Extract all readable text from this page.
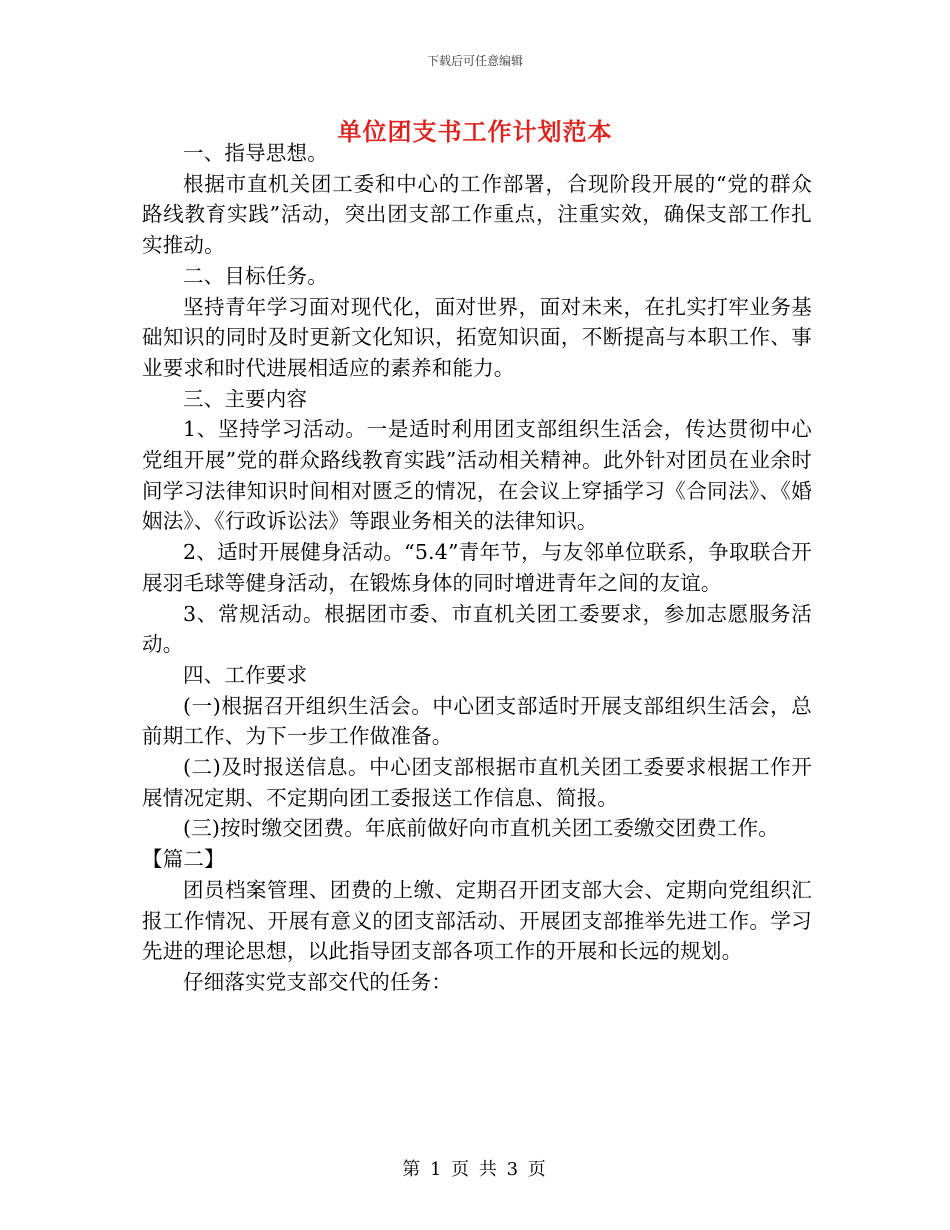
下载后可任意编辑
单位团支书工作计划范本

一、指导思想。

根据市直机关团工委和中心的工作部署，合现阶段开展的“党的群众路线教育实践”活动，突出团支部工作重点，注重实效，确保支部工作扎实推动。

二、目标任务。

坚持青年学习面对现代化，面对世界，面对未来，在扎实打牢业务基础知识的同时及时更新文化知识，拓宽知识面，不断提高与本职工作、事业要求和时代进展相适应的素养和能力。

三、主要内容

1、坚持学习活动。一是适时利用团支部组织生活会，传达贯彻中心党组开展”党的群众路线教育实践”活动相关精神。此外针对团员在业余时间学习法律知识时间相对匮乏的情况，在会议上穿插学习《合同法》、《婚姻法》、《行政诉讼法》等跟业务相关的法律知识。

2、适时开展健身活动。“5.4”青年节，与友邻单位联系，争取联合开展羽毛球等健身活动，在锻炼身体的同时增进青年之间的友谊。

3、常规活动。根据团市委、市直机关团工委要求，参加志愿服务活动。

四、工作要求

(一)根据召开组织生活会。中心团支部适时开展支部组织生活会，总前期工作、为下一步工作做准备。

(二)及时报送信息。中心团支部根据市直机关团工委要求根据工作开展情况定期、不定期向团工委报送工作信息、简报。

(三)按时缴交团费。年底前做好向市直机关团工委缴交团费工作。

【篇二】

团员档案管理、团费的上缴、定期召开团支部大会、定期向党组织汇报工作情况、开展有意义的团支部活动、开展团支部推举先进工作。学习先进的理论思想，以此指导团支部各项工作的开展和长远的规划。

仔细落实党支部交代的任务：

第 1 页 共 3 页
